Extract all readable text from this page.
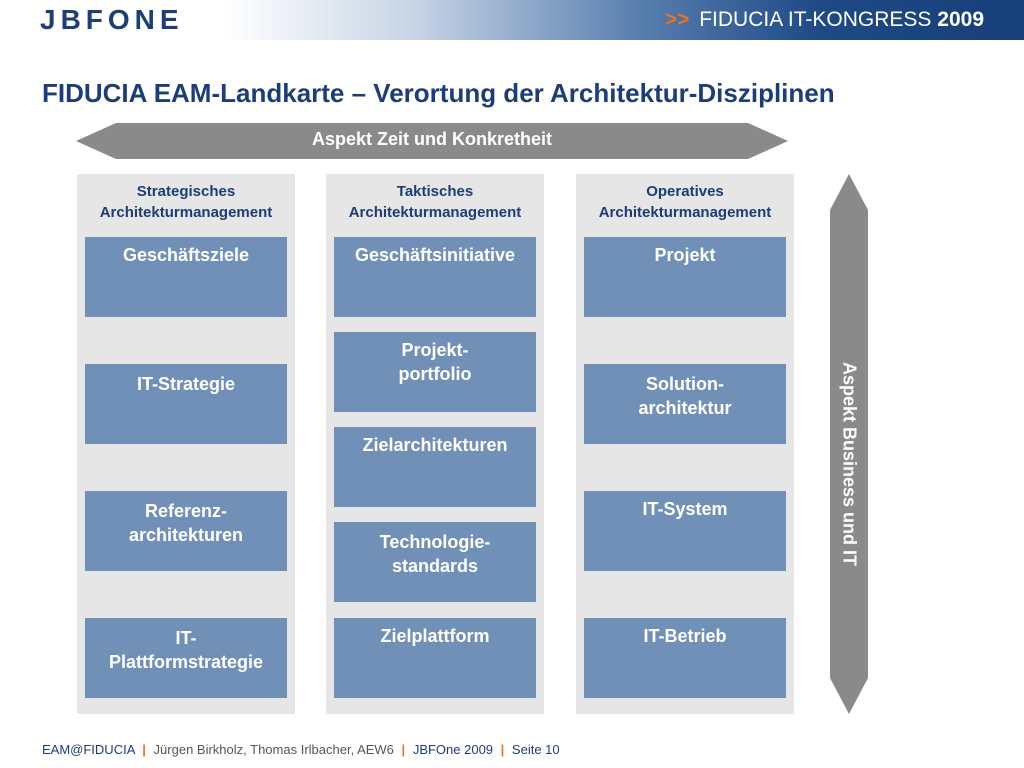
JBFONE	>> FIDUCIA IT-KONGRESS 2009
FIDUCIA EAM-Landkarte – Verortung der Architektur-Disziplinen
Aspekt Zeit und Konkretheit
Strategisches
Architekturmanagement
Geschäftsziele
IT-Strategie
Referenz-
architekturen
IT-
Plattformstrategie
Taktisches
Architekturmanagement
Geschäftsinitiative
Projekt-
portfolio
Zielarchitekturen
Technologie-
standards
Zielplattform
Operatives
Architekturmanagement
Projekt
Solution-
architektur
IT-System
IT-Betrieb
Aspekt Business und IT
EAM@FIDUCIA | Jürgen Birkholz, Thomas Irlbacher, AEW6 | JBFOne 2009 | Seite 10
